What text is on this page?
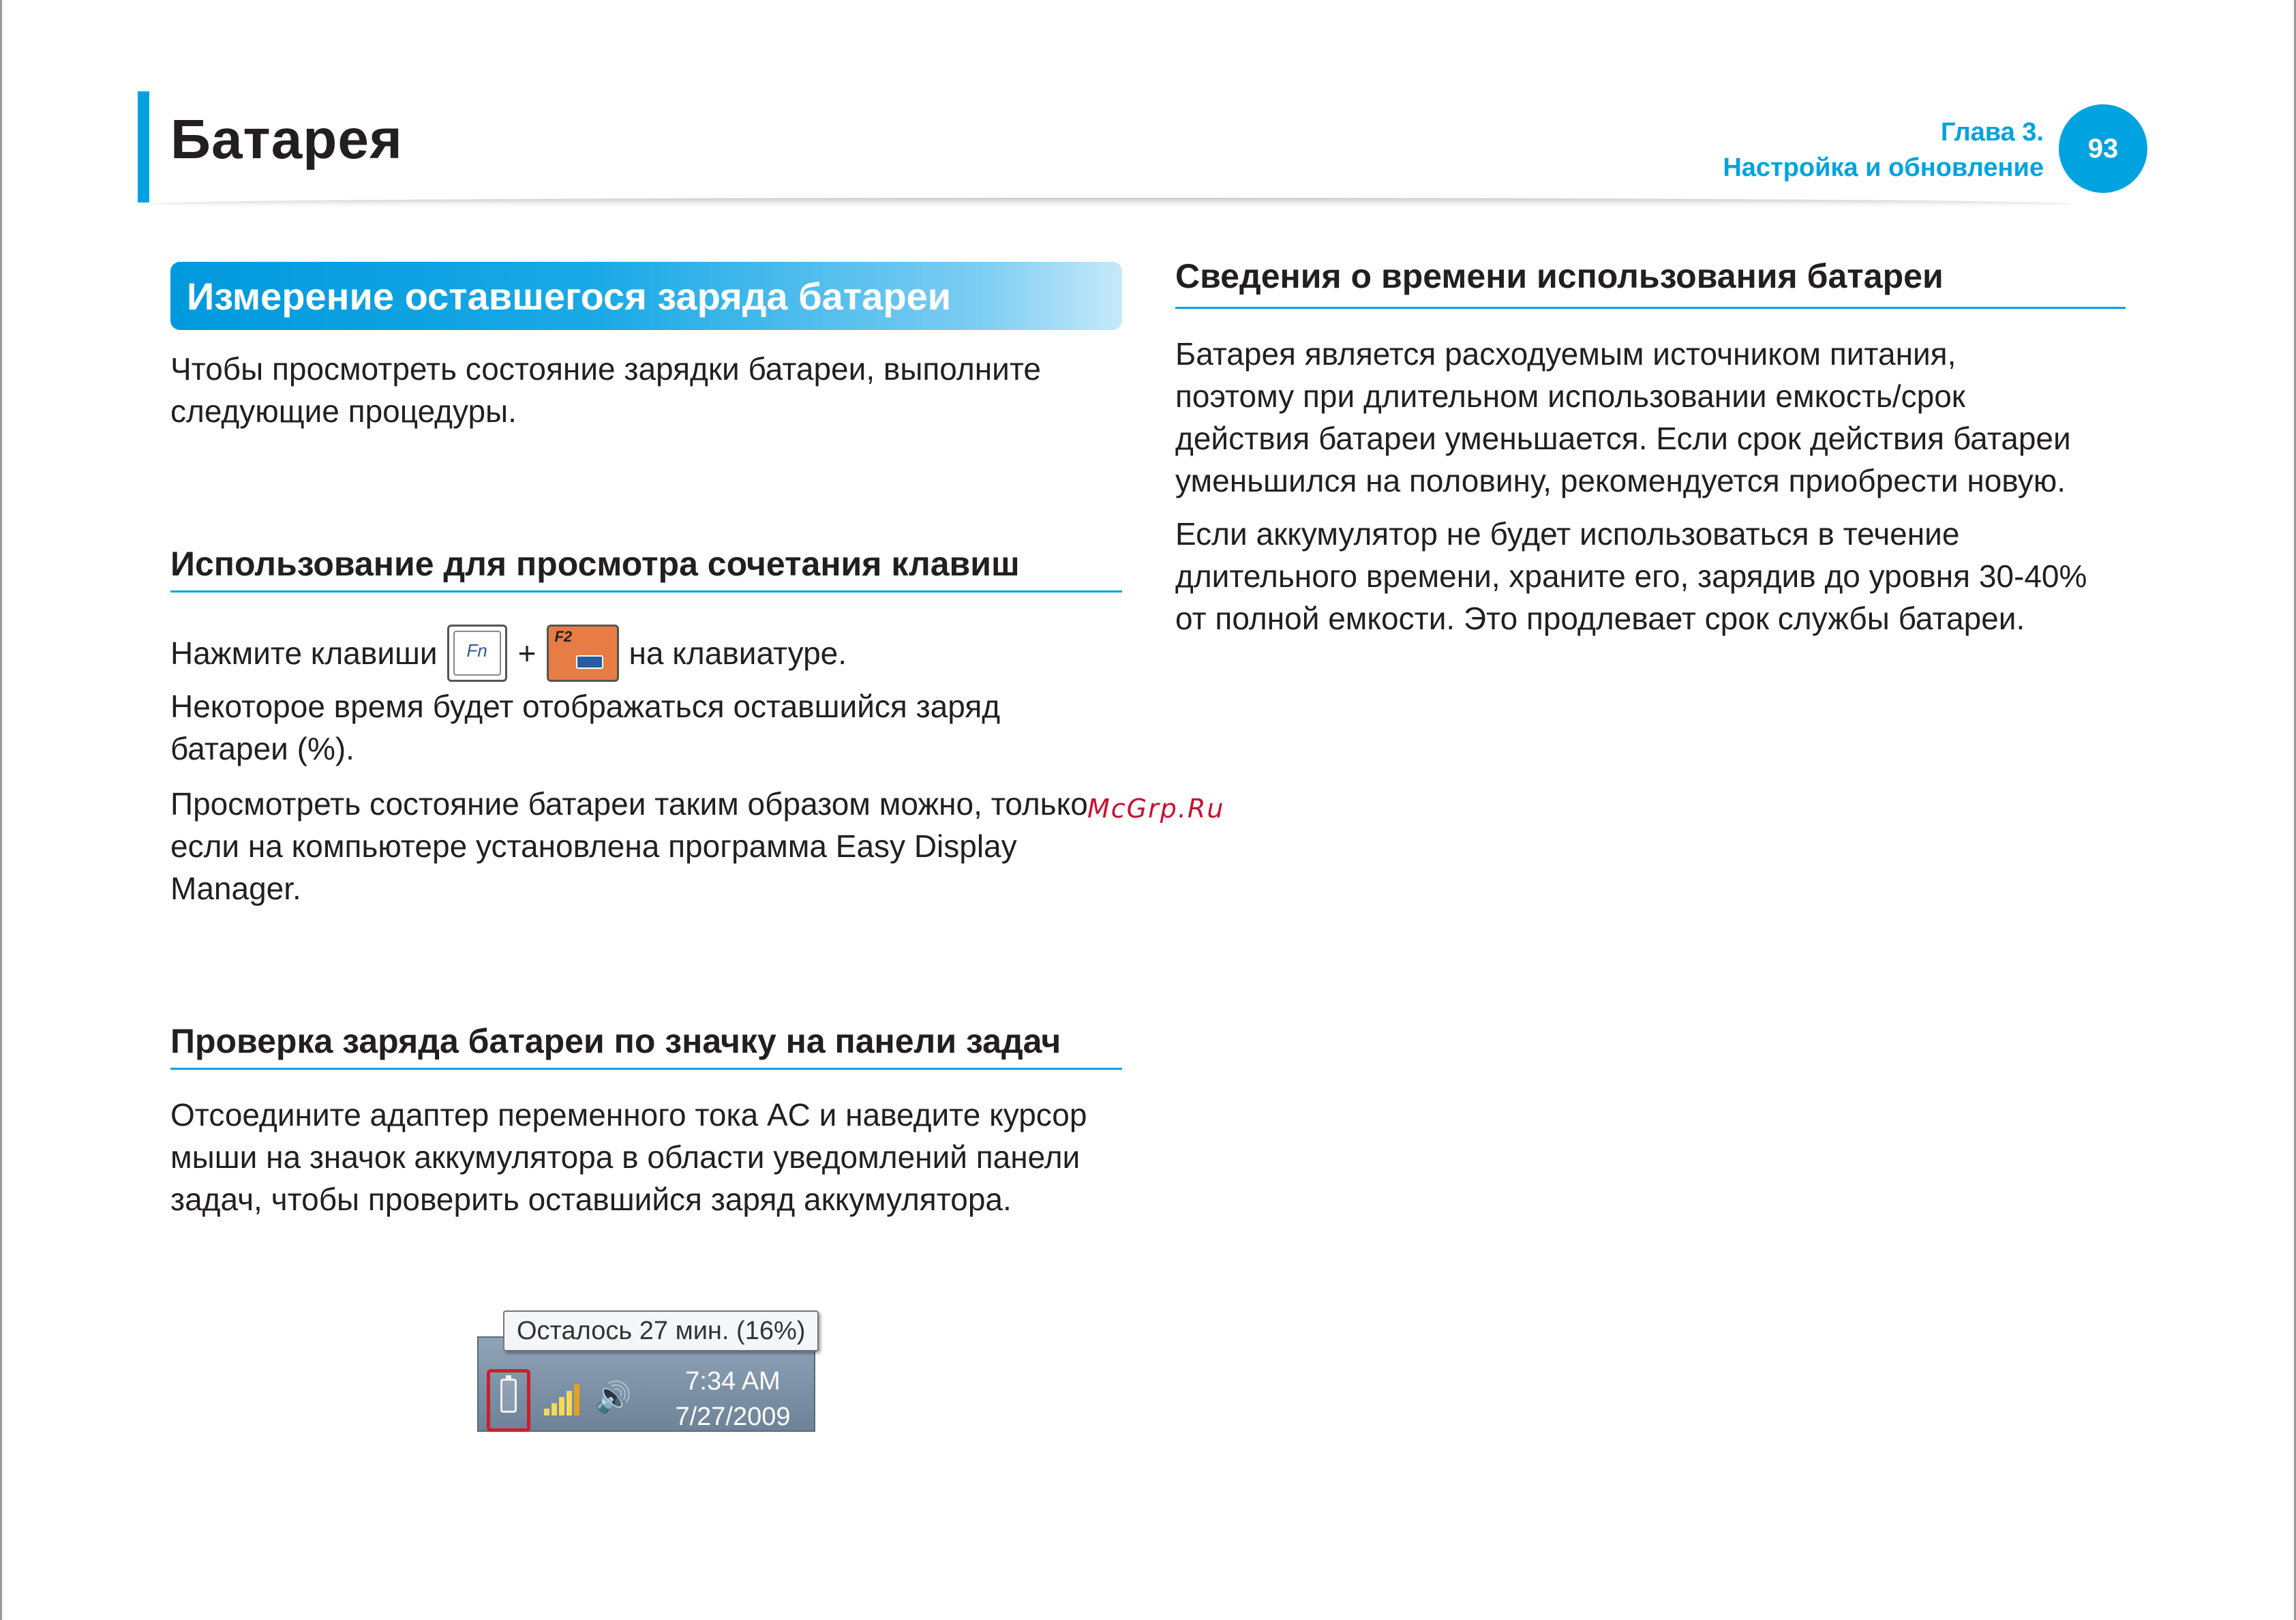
Батарея	Глава 3.
Настройка и обновление
93
Измерение оставшегося заряда батареи
Чтобы просмотреть состояние зарядки батареи, выполните
следующие процедуры.
Использование для просмотра сочетания клавиш
Нажмите клавиши	Fn + F2 на клавиатуре.
Некоторое время будет отображаться оставшийся заряд
батареи (%).
Просмотреть состояние батареи таким образом можно, только
если на компьютере установлена программа Easy Display
Manager.
McGrp.Ru
Проверка заряда батареи по значку на панели задач
Отсоедините адаптер переменного тока AC и наведите курсор
мыши на значок аккумулятора в области уведомлений панели
задач, чтобы проверить оставшийся заряд аккумулятора.
Осталось 27 мин. (16%)
🔊	7:34 AM
7/27/2009
Сведения о времени использования батареи
Батарея является расходуемым источником питания,
поэтому при длительном использовании емкость/срок
действия батареи уменьшается. Если срок действия батареи
уменьшился на половину, рекомендуется приобрести новую.
Если аккумулятор не будет использоваться в течение
длительного времени, храните его, зарядив до уровня 30-40%
от полной емкости. Это продлевает срок службы батареи.
